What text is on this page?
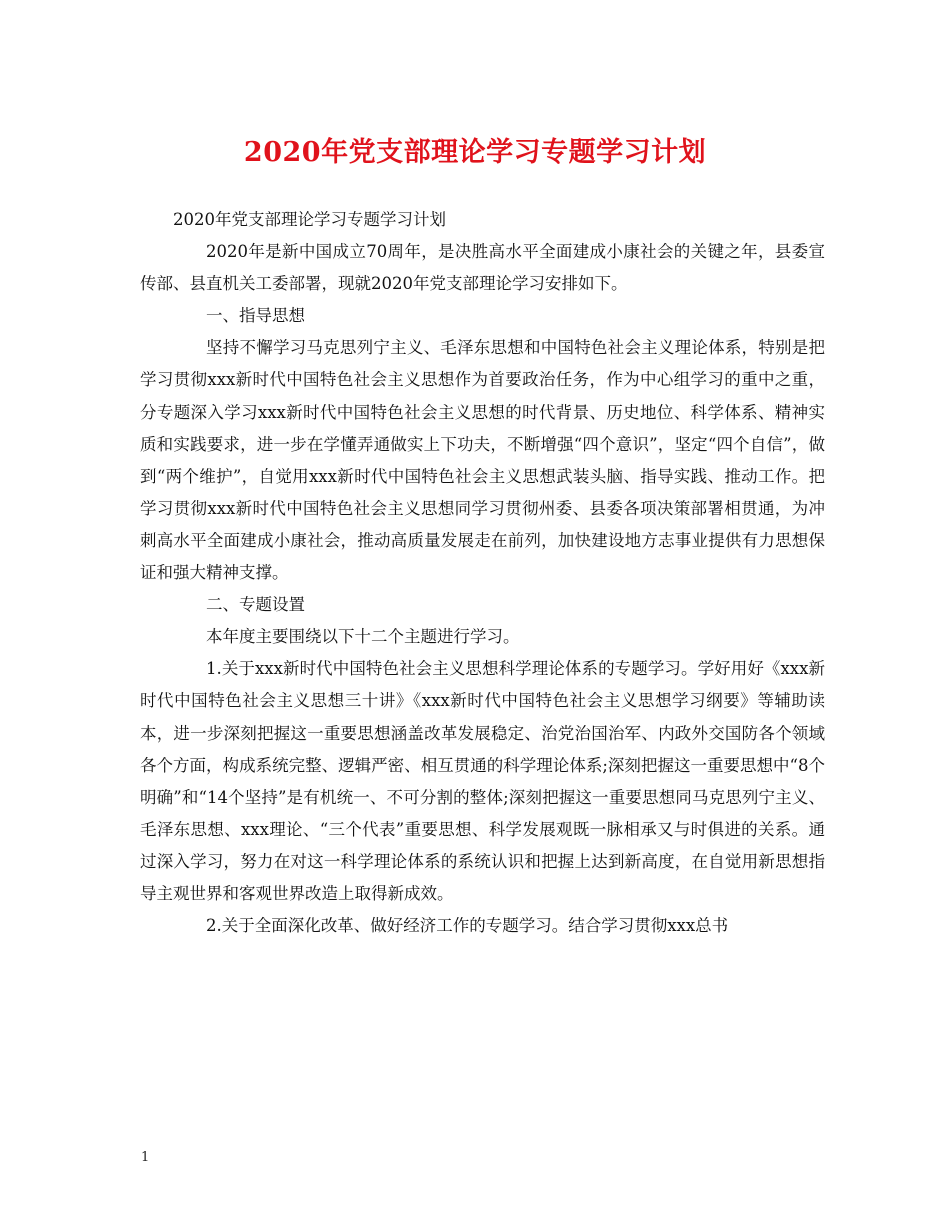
2020年党支部理论学习专题学习计划

2020年党支部理论学习专题学习计划

2020年是新中国成立70周年，是决胜高水平全面建成小康社会的关键之年，县委宣传部、县直机关工委部署，现就2020年党支部理论学习安排如下。

一、指导思想

坚持不懈学习马克思列宁主义、毛泽东思想和中国特色社会主义理论体系，特别是把学习贯彻xxx新时代中国特色社会主义思想作为首要政治任务，作为中心组学习的重中之重，分专题深入学习xxx新时代中国特色社会主义思想的时代背景、历史地位、科学体系、精神实质和实践要求，进一步在学懂弄通做实上下功夫，不断增强“四个意识”，坚定“四个自信”，做到“两个维护”，自觉用xxx新时代中国特色社会主义思想武装头脑、指导实践、推动工作。把学习贯彻xxx新时代中国特色社会主义思想同学习贯彻州委、县委各项决策部署相贯通，为冲刺高水平全面建成小康社会，推动高质量发展走在前列，加快建设地方志事业提供有力思想保证和强大精神支撑。

二、专题设置

本年度主要围绕以下十二个主题进行学习。

1.关于xxx新时代中国特色社会主义思想科学理论体系的专题学习。学好用好《xxx新时代中国特色社会主义思想三十讲》《xxx新时代中国特色社会主义思想学习纲要》等辅助读本，进一步深刻把握这一重要思想涵盖改革发展稳定、治党治国治军、内政外交国防各个领域各个方面，构成系统完整、逻辑严密、相互贯通的科学理论体系;深刻把握这一重要思想中“8个明确”和“14个坚持”是有机统一、不可分割的整体;深刻把握这一重要思想同马克思列宁主义、毛泽东思想、xxx理论、“三个代表”重要思想、科学发展观既一脉相承又与时俱进的关系。通过深入学习，努力在对这一科学理论体系的系统认识和把握上达到新高度，在自觉用新思想指导主观世界和客观世界改造上取得新成效。

2.关于全面深化改革、做好经济工作的专题学习。结合学习贯彻xxx总书

1
